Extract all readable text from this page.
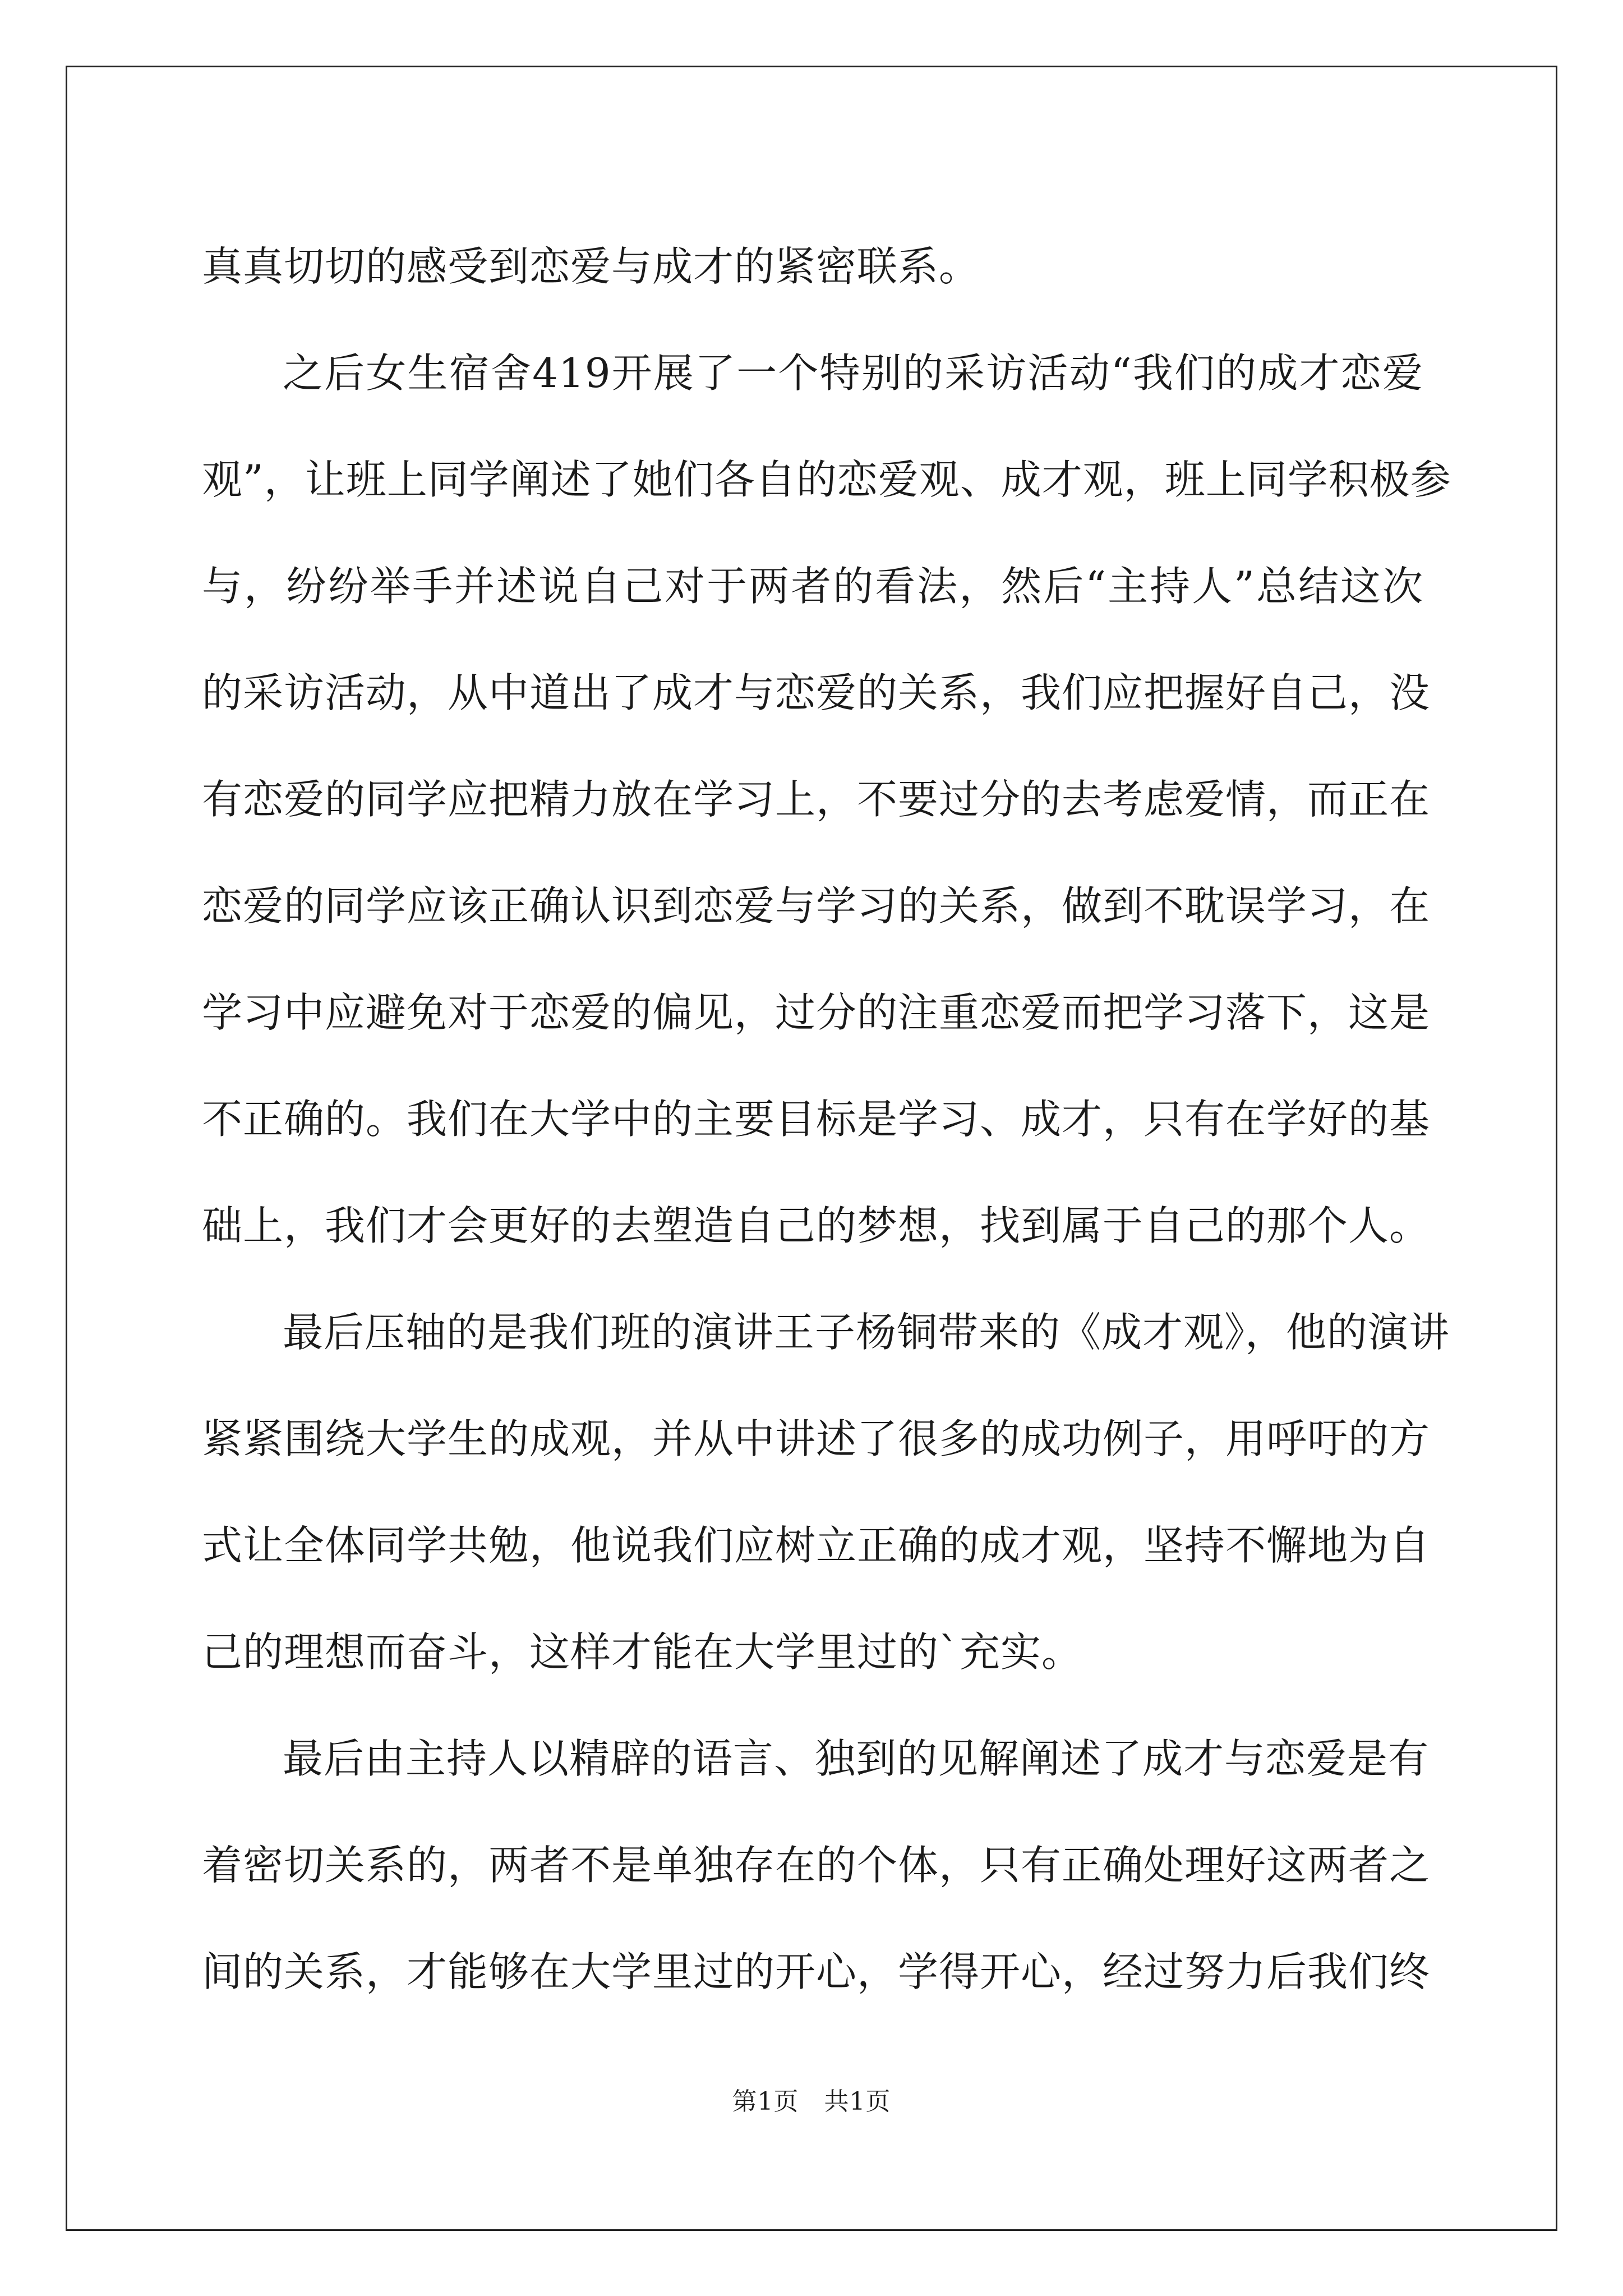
真真切切的感受到恋爱与成才的紧密联系。
之后女生宿舍419开展了一个特别的采访活动“我们的成才恋爱
观”，让班上同学阐述了她们各自的恋爱观、成才观，班上同学积极参
与，纷纷举手并述说自己对于两者的看法，然后“主持人”总结这次
的采访活动，从中道出了成才与恋爱的关系，我们应把握好自己，没
有恋爱的同学应把精力放在学习上，不要过分的去考虑爱情，而正在
恋爱的同学应该正确认识到恋爱与学习的关系，做到不耽误学习，在
学习中应避免对于恋爱的偏见，过分的注重恋爱而把学习落下，这是
不正确的。我们在大学中的主要目标是学习、成才，只有在学好的基
础上，我们才会更好的去塑造自己的梦想，找到属于自己的那个人。
最后压轴的是我们班的演讲王子杨铜带来的《成才观》，他的演讲
紧紧围绕大学生的成观，并从中讲述了很多的成功例子，用呼吁的方
式让全体同学共勉，他说我们应树立正确的成才观，坚持不懈地为自
己的理想而奋斗，这样才能在大学里过的`充实。
最后由主持人以精辟的语言、独到的见解阐述了成才与恋爱是有
着密切关系的，两者不是单独存在的个体，只有正确处理好这两者之
间的关系，才能够在大学里过的开心，学得开心，经过努力后我们终
第1页　共1页
